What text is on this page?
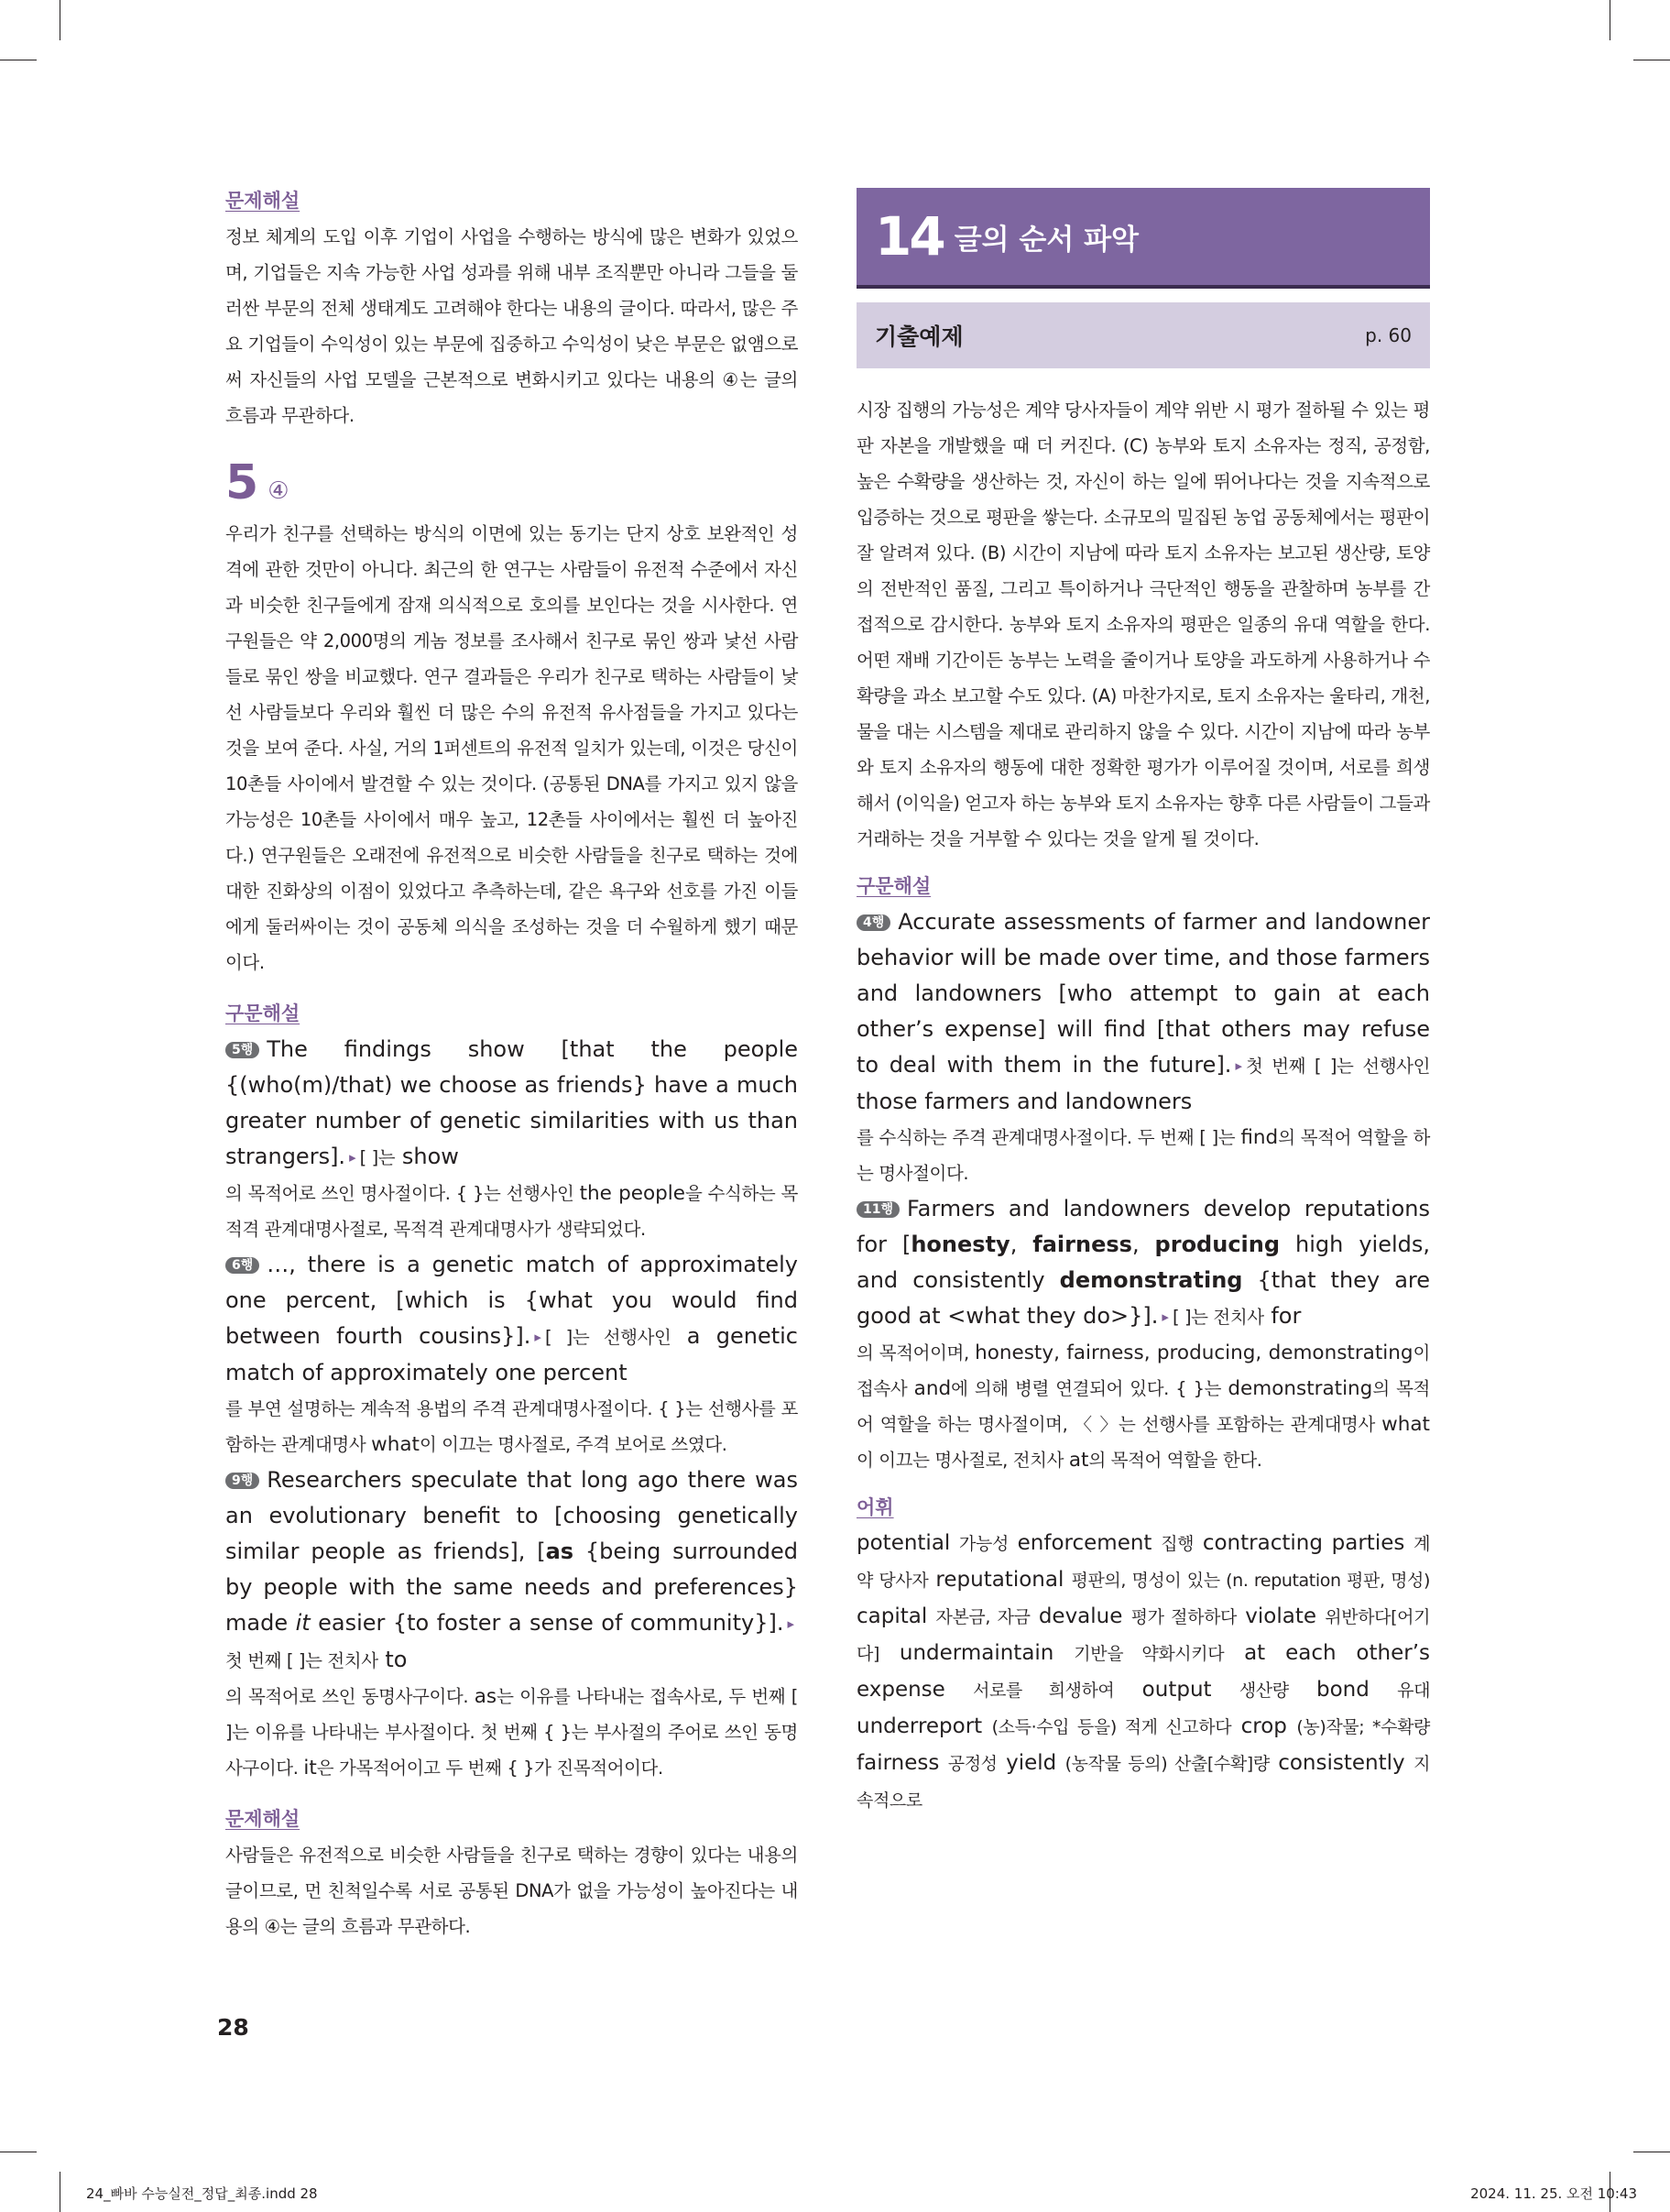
문제해설

정보 체계의 도입 이후 기업이 사업을 수행하는 방식에 많은 변화가 있었으며, 기업들은 지속 가능한 사업 성과를 위해 내부 조직뿐만 아니라 그들을 둘러싼 부문의 전체 생태계도 고려해야 한다는 내용의 글이다. 따라서, 많은 주요 기업들이 수익성이 있는 부문에 집중하고 수익성이 낮은 부문은 없앰으로써 자신들의 사업 모델을 근본적으로 변화시키고 있다는 내용의 ④는 글의 흐름과 무관하다.

5 ④

우리가 친구를 선택하는 방식의 이면에 있는 동기는 단지 상호 보완적인 성격에 관한 것만이 아니다. 최근의 한 연구는 사람들이 유전적 수준에서 자신과 비슷한 친구들에게 잠재 의식적으로 호의를 보인다는 것을 시사한다. 연구원들은 약 2,000명의 게놈 정보를 조사해서 친구로 묶인 쌍과 낯선 사람들로 묶인 쌍을 비교했다. 연구 결과들은 우리가 친구로 택하는 사람들이 낯선 사람들보다 우리와 훨씬 더 많은 수의 유전적 유사점들을 가지고 있다는 것을 보여 준다. 사실, 거의 1퍼센트의 유전적 일치가 있는데, 이것은 당신이 10촌들 사이에서 발견할 수 있는 것이다. (공통된 DNA를 가지고 있지 않을 가능성은 10촌들 사이에서 매우 높고, 12촌들 사이에서는 훨씬 더 높아진다.) 연구원들은 오래전에 유전적으로 비슷한 사람들을 친구로 택하는 것에 대한 진화상의 이점이 있었다고 추측하는데, 같은 욕구와 선호를 가진 이들에게 둘러싸이는 것이 공동체 의식을 조성하는 것을 더 수월하게 했기 때문이다.

구문해설

5행 The findings show [that the people {(who(m)/that) we choose as friends} have a much greater number of genetic similarities with us than strangers]. ▸ [ ]는 show

의 목적어로 쓰인 명사절이다. { }는 선행사인 the people을 수식하는 목적격 관계대명사절로, 목적격 관계대명사가 생략되었다.

6행 …, there is a genetic match of approximately one percent, [which is {what you would find between fourth cousins}]. ▸ [ ]는 선행사인 a genetic match of approximately one percent

를 부연 설명하는 계속적 용법의 주격 관계대명사절이다. { }는 선행사를 포함하는 관계대명사 what이 이끄는 명사절로, 주격 보어로 쓰였다.

9행 Researchers speculate that long ago there was an evolutionary benefit to [choosing genetically similar people as friends], [as {being surrounded by people with the same needs and preferences} made it easier {to foster a sense of community}]. ▸첫 번째 [ ]는 전치사 to

의 목적어로 쓰인 동명사구이다. as는 이유를 나타내는 접속사로, 두 번째 [ ]는 이유를 나타내는 부사절이다. 첫 번째 { }는 부사절의 주어로 쓰인 동명사구이다. it은 가목적어이고 두 번째 { }가 진목적어이다.

문제해설

사람들은 유전적으로 비슷한 사람들을 친구로 택하는 경향이 있다는 내용의 글이므로, 먼 친척일수록 서로 공통된 DNA가 없을 가능성이 높아진다는 내용의 ④는 글의 흐름과 무관하다.

14 글의 순서 파악
기출예제	p. 60

시장 집행의 가능성은 계약 당사자들이 계약 위반 시 평가 절하될 수 있는 평판 자본을 개발했을 때 더 커진다. (C) 농부와 토지 소유자는 정직, 공정함, 높은 수확량을 생산하는 것, 자신이 하는 일에 뛰어나다는 것을 지속적으로 입증하는 것으로 평판을 쌓는다. 소규모의 밀집된 농업 공동체에서는 평판이 잘 알려져 있다. (B) 시간이 지남에 따라 토지 소유자는 보고된 생산량, 토양의 전반적인 품질, 그리고 특이하거나 극단적인 행동을 관찰하며 농부를 간접적으로 감시한다. 농부와 토지 소유자의 평판은 일종의 유대 역할을 한다. 어떤 재배 기간이든 농부는 노력을 줄이거나 토양을 과도하게 사용하거나 수확량을 과소 보고할 수도 있다. (A) 마찬가지로, 토지 소유자는 울타리, 개천, 물을 대는 시스템을 제대로 관리하지 않을 수 있다. 시간이 지남에 따라 농부와 토지 소유자의 행동에 대한 정확한 평가가 이루어질 것이며, 서로를 희생해서 (이익을) 얻고자 하는 농부와 토지 소유자는 향후 다른 사람들이 그들과 거래하는 것을 거부할 수 있다는 것을 알게 될 것이다.

구문해설

4행 Accurate assessments of farmer and landowner behavior will be made over time, and those farmers and landowners [who attempt to gain at each other’s expense] will find [that others may refuse to deal with them in the future]. ▸ 첫 번째 [ ]는 선행사인 those farmers and landowners

를 수식하는 주격 관계대명사절이다. 두 번째 [ ]는 find의 목적어 역할을 하는 명사절이다.

11행 Farmers and landowners develop reputations for [honesty, fairness, producing high yields, and consistently demonstrating {that they are good at <what they do>}]. ▸ [ ]는 전치사 for

의 목적어이며, honesty, fairness, producing, demonstrating이 접속사 and에 의해 병렬 연결되어 있다. { }는 demonstrating의 목적어 역할을 하는 명사절이며, 〈 〉는 선행사를 포함하는 관계대명사 what이 이끄는 명사절로, 전치사 at의 목적어 역할을 한다.

어휘

potential 가능성 enforcement 집행 contracting parties 계약 당사자 reputational 평판의, 명성이 있는 (n. reputation 평판, 명성) capital 자본금, 자금 devalue 평가 절하하다 violate 위반하다[어기다] undermaintain 기반을 약화시키다 at each other’s expense 서로를 희생하여 output 생산량 bond 유대 underreport (소득·수입 등을) 적게 신고하다 crop (농)작물; *수확량 fairness 공정성 yield (농작물 등의) 산출[수확]량 consistently 지속적으로

28
24_빠바 수능실전_정답_최종.indd 28	2024. 11. 25. 오전 10:43
